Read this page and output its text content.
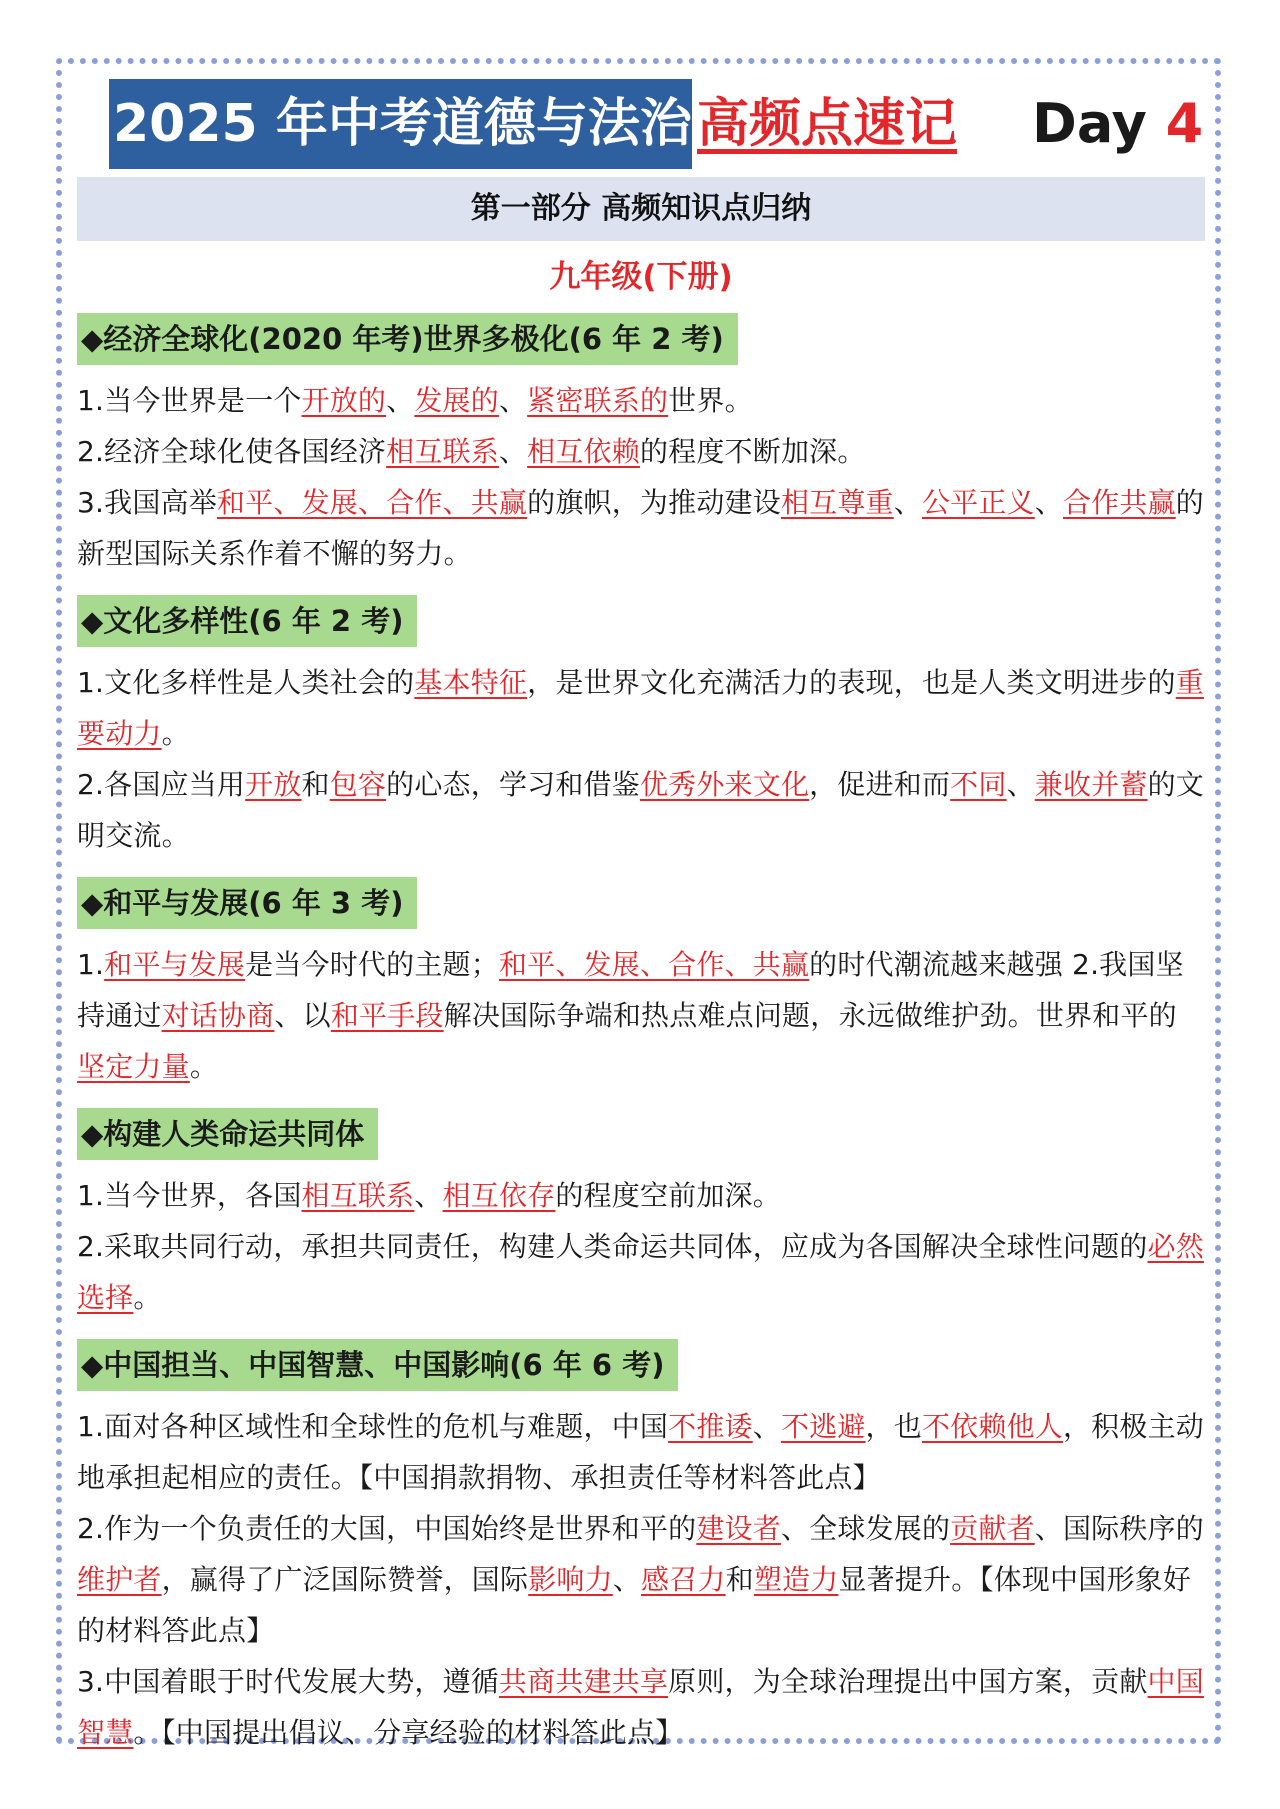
2025 年中考道德与法治 高频点速记 Day 4
第一部分 高频知识点归纳
九年级(下册)
◆经济全球化(2020 年考)世界多极化(6 年 2 考)

1.当今世界是一个开放的、发展的、紧密联系的世界。

2.经济全球化使各国经济相互联系、相互依赖的程度不断加深。

3.我国高举和平、发展、合作、共赢的旗帜，为推动建设相互尊重、公平正义、合作共赢的新型国际关系作着不懈的努力。

◆文化多样性(6 年 2 考)

1.文化多样性是人类社会的基本特征，是世界文化充满活力的表现，也是人类文明进步的重要动力。

2.各国应当用开放和包容的心态，学习和借鉴优秀外来文化，促进和而不同、兼收并蓄的文明交流。

◆和平与发展(6 年 3 考)

1.和平与发展是当今时代的主题；和平、发展、合作、共赢的时代潮流越来越强 2.我国坚持通过对话协商、以和平手段解决国际争端和热点难点问题，永远做维护劲。世界和平的坚定力量。

◆构建人类命运共同体

1.当今世界，各国相互联系、相互依存的程度空前加深。

2.采取共同行动，承担共同责任，构建人类命运共同体，应成为各国解决全球性问题的必然选择。

◆中国担当、中国智慧、中国影响(6 年 6 考)

1.面对各种区域性和全球性的危机与难题，中国不推诿、不逃避，也不依赖他人，积极主动地承担起相应的责任。【中国捐款捐物、承担责任等材料答此点】

2.作为一个负责任的大国，中国始终是世界和平的建设者、全球发展的贡献者、国际秩序的维护者，赢得了广泛国际赞誉，国际影响力、感召力和塑造力显著提升。【体现中国形象好的材料答此点】

3.中国着眼于时代发展大势，遵循共商共建共享原则，为全球治理提出中国方案，贡献中国智慧。【中国提出倡议、分享经验的材料答此点】
